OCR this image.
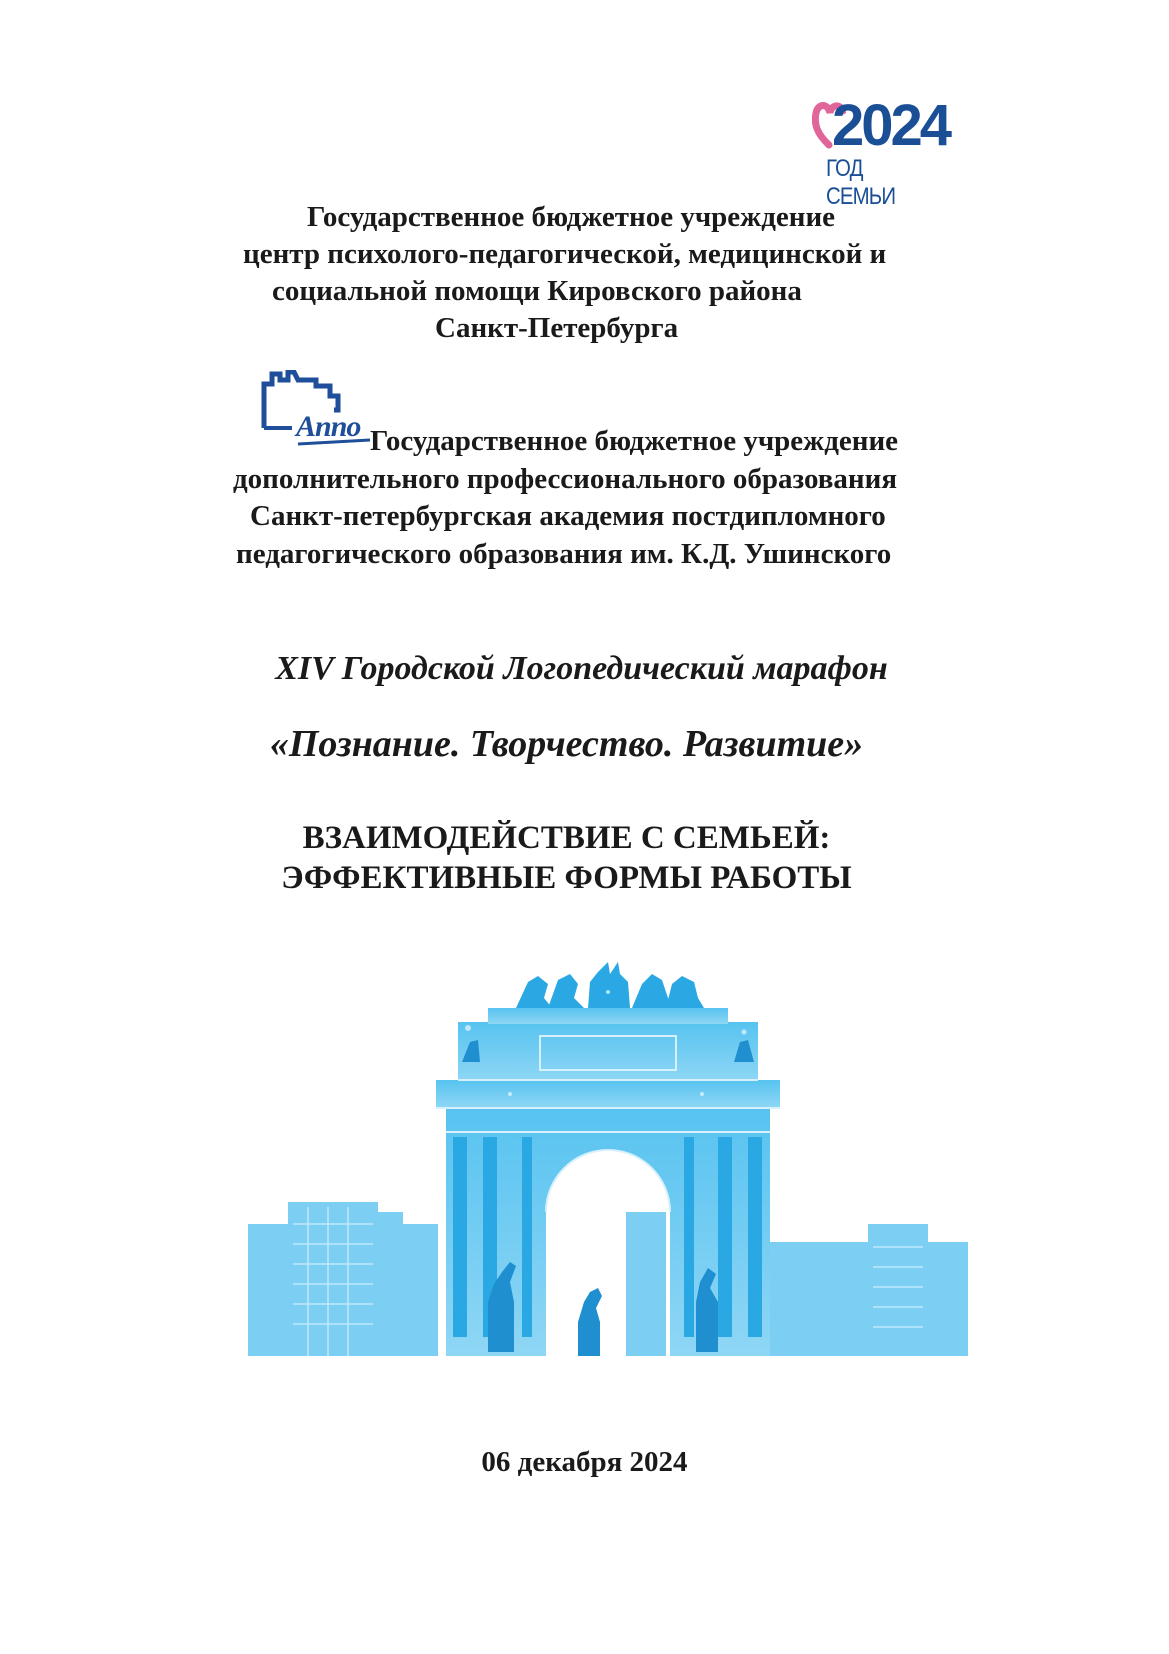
2024
ГОД СЕМЬИ
Государственное бюджетное учреждение
центр психолого-педагогической, медицинской и
социальной помощи Кировского района
Санкт-Петербурга
Аппо Государственное бюджетное учреждение
дополнительного профессионального образования
Санкт-петербургская академия постдипломного
педагогического образования им. К.Д. Ушинского
XIV Городской Логопедический марафон
«Познание. Творчество. Развитие»
ВЗАИМОДЕЙСТВИЕ С СЕМЬЕЙ:
ЭФФЕКТИВНЫЕ ФОРМЫ РАБОТЫ
06 декабря 2024
